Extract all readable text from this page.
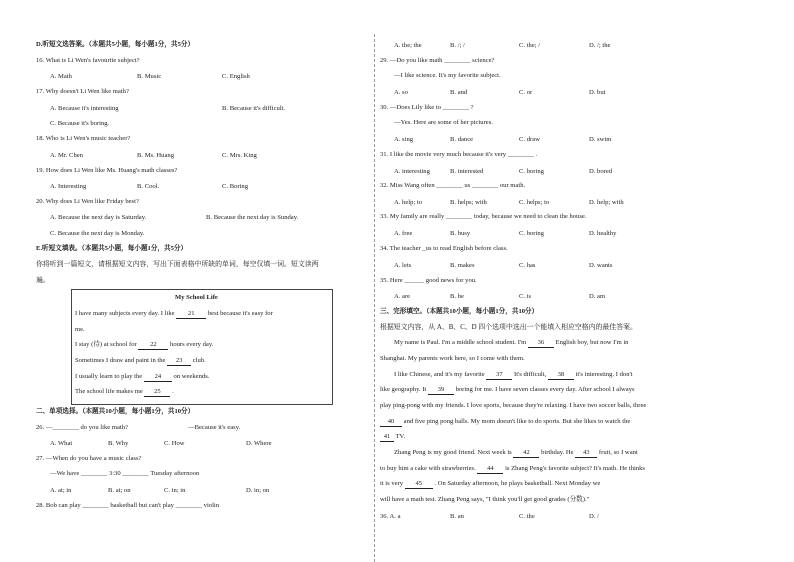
D.听短文选答案。（本题共5小题，每小题1分，共5分）
16. What is Li Wen's favourite subject?
A. Math	B. Music	C. English
17. Why doesn't Li Wen like math?
A. Because it's interesting	B. Because it's difficult.
C. Because it's boring.
18. Who is Li Wen's music teacher?
A. Mr. Chen	B. Ms. Huang	C. Mrs. King
19. How does Li Wen like Ms. Huang's math classes?
A. Interesting	B. Cool.	C. Boring
20. Why does Li Wen like Friday best?
A. Because the next day is Saturday.	B. Because the next day is Sunday.
C. Because the next day is Monday.
E.听短文填表。（本题共5小题，每小题1分，共5分）
你将听到一篇短文，请根据短文内容，写出下面表格中所缺的单词，每空仅填一词。短文读两
遍。
My School Life
I have many subjects every day. I like 21 best because it's easy for
me.
I stay (待) at school for 22 hours every day.
Sometimes I draw and paint in the 23 club.
I usually learn to play the 24 on weekends.
The school life makes me 25 .
二、单项选择。（本题共10小题，每小题1分，共10分）
26. —________ do you like math?	—Because it's easy.
A. What	B. Why	C. How	D. Where
27. —When do you have a music class?
—We have ________ 3:30 ________ Tuesday afternoon
A. at; in	B. at; on	C. in; in	D. in; on
28. Bob can play ________ basketball but can't play ________ violin
A. the; the	B. /; /	C. the; /	D. /; the
29. —Do you like math ________ science?
—I like science. It's my favorite subject.
A. so	B. and	C. or	D. but
30. —Does Lily like to ________ ?
—Yes. Here are some of her pictures.
A. sing	B. dance	C. draw	D. swim
31. I like the movie very much because it's very ________ .
A. interesting	B. interested	C. boring	D. bored
32. Miss Wang often ________ us ________ our math.
A. help; to	B. helps; with	C. helps; to	D. help; with
33. My family are really ________ today, because we need to clean the house.
A. free	B. busy	C. boring	D. healthy
34. The teacher _us to read English before class.
A. lets	B. makes	C. has	D. wants
35. Here ______ good news for you.
A. are	B. be	C. is	D. am
三、完形填空。（本题共10小题，每小题1分，共10分）
根据短文内容，从 A、B、C、D 四个选项中选出一个能填入相应空格内的最佳答案。
My name is Paul. I'm a middle school student. I'm 36 English boy, but now I'm in
Shanghai. My parents work here, so I come with them.
I like Chinese, and it's my favorite 37 It's difficult, 38 it's interesting. I don't
like geography. It 39 boring for me. I have seven classes every day. After school I always
play ping-pong with my friends. I love sports, because they're relaxing. I have two soccer balls, three
40 and five ping pong balls. My mom doesn't like to do sports. But she likes to watch the
41 TV.
Zhang Peng is my good friend. Next week is 42 birthday. He 43 fruit, so I want
to buy him a cake with strawberries. 44 is Zhang Peng's favorite subject? It's math. He thinks
it is very 45 . On Saturday afternoon, he plays basketball. Next Monday we
will have a math test. Zhang Peng says, "I think you'll get good grades (分数)."
36. A. a	B. an	C. the	D. /
